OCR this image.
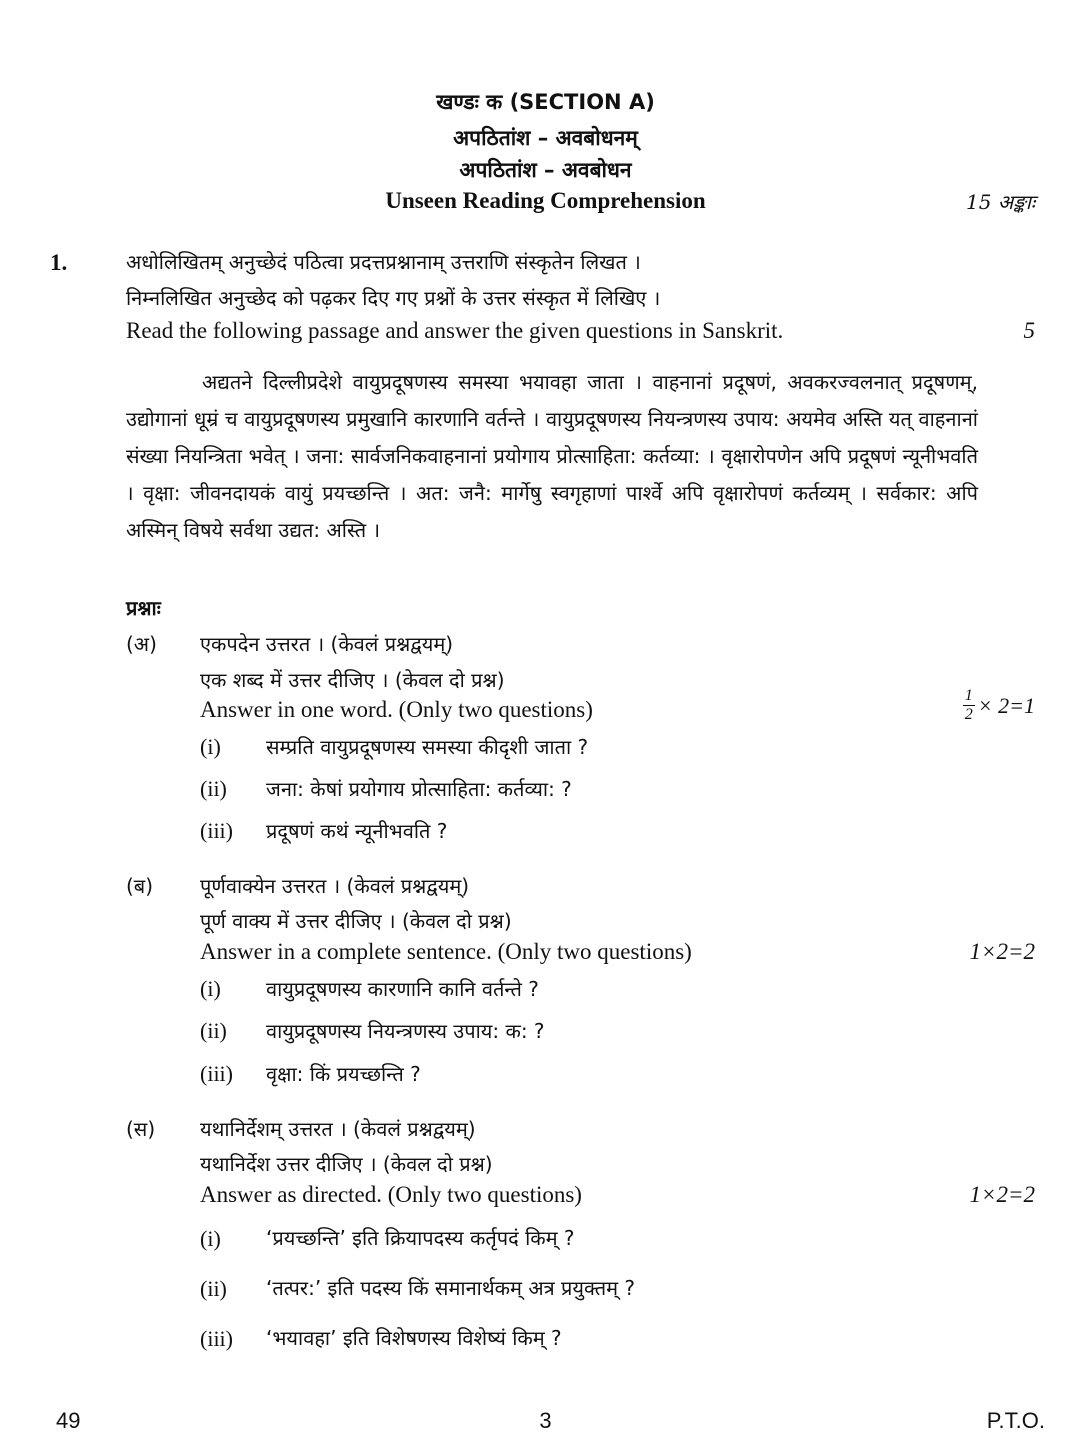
खण्डः क (SECTION A)
अपठितांश – अवबोधनम्
अपठितांश – अवबोधन
Unseen Reading Comprehension	15 अङ्काः
1.	अधोलिखितम् अनुच्छेदं पठित्वा प्रदत्तप्रश्नानाम् उत्तराणि संस्कृतेन लिखत ।
निम्नलिखित अनुच्छेद को पढ़कर दिए गए प्रश्नों के उत्तर संस्कृत में लिखिए ।
Read the following passage and answer the given questions in Sanskrit.	5
अद्यतने दिल्लीप्रदेशे वायुप्रदूषणस्य समस्या भयावहा जाता । वाहनानां प्रदूषणं, अवकरज्वलनात् प्रदूषणम्, उद्योगानां धूम्रं च वायुप्रदूषणस्य प्रमुखानि कारणानि वर्तन्ते । वायुप्रदूषणस्य नियन्त्रणस्य उपाय: अयमेव अस्ति यत् वाहनानां संख्या नियन्त्रिता भवेत् । जना: सार्वजनिकवाहनानां प्रयोगाय प्रोत्साहिता: कर्तव्या: । वृक्षारोपणेन अपि प्रदूषणं न्यूनीभवति । वृक्षा: जीवनदायकं वायुं प्रयच्छन्ति । अत: जनै: मार्गेषु स्वगृहाणां पार्श्वे अपि वृक्षारोपणं कर्तव्यम् । सर्वकार: अपि अस्मिन् विषये सर्वथा उद्यत: अस्ति ।
प्रश्नाः
(अ) एकपदेन उत्तरत । (केवलं प्रश्नद्वयम्)
एक शब्द में उत्तर दीजिए । (केवल दो प्रश्न)
Answer in one word. (Only two questions)	$\frac{1}{2} \times 2=1$
(i) सम्प्रति वायुप्रदूषणस्य समस्या कीदृशी जाता ?
(ii) जना: केषां प्रयोगाय प्रोत्साहिता: कर्तव्या: ?
(iii) प्रदूषणं कथं न्यूनीभवति ?
(ब) पूर्णवाक्येन उत्तरत । (केवलं प्रश्नद्वयम्)
पूर्ण वाक्य में उत्तर दीजिए । (केवल दो प्रश्न)
Answer in a complete sentence. (Only two questions)	1×2=2
(i) वायुप्रदूषणस्य कारणानि कानि वर्तन्ते ?
(ii) वायुप्रदूषणस्य नियन्त्रणस्य उपाय: क: ?
(iii) वृक्षा: किं प्रयच्छन्ति ?
(स) यथानिर्देशम् उत्तरत । (केवलं प्रश्नद्वयम्)
यथानिर्देश उत्तर दीजिए । (केवल दो प्रश्न)
Answer as directed. (Only two questions)	1×2=2
(i) ‘प्रयच्छन्ति’ इति क्रियापदस्य कर्तृपदं किम् ?
(ii) ‘तत्पर:’ इति पदस्य किं समानार्थकम् अत्र प्रयुक्तम् ?
(iii) ‘भयावहा’ इति विशेषणस्य विशेष्यं किम् ?
49	3	P.T.O.
